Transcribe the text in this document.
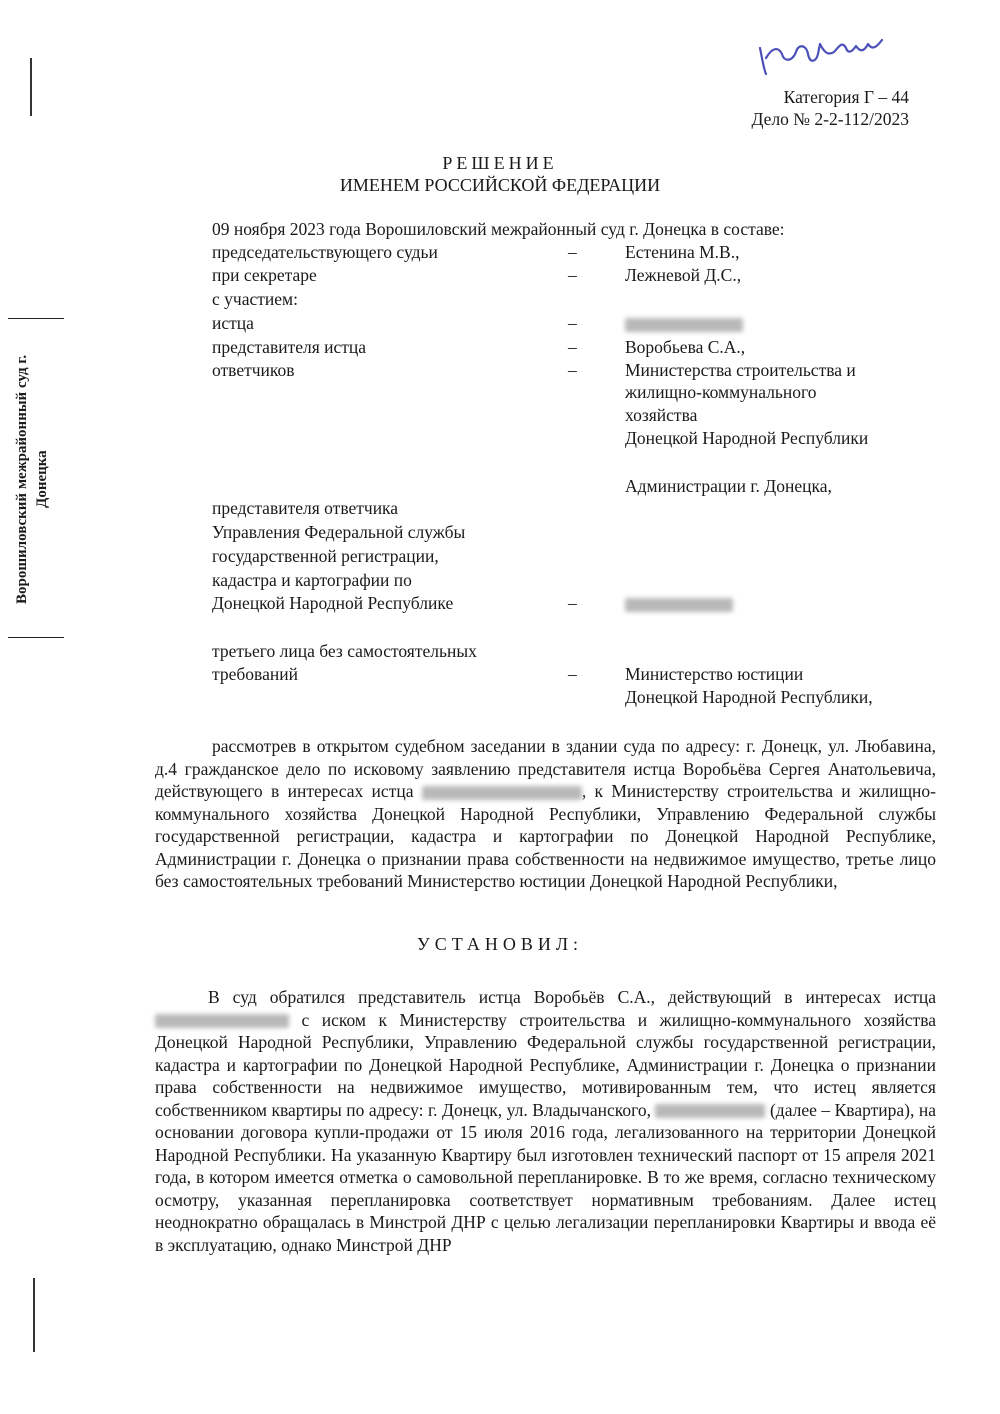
Категория Г – 44
Дело № 2-2-112/2023
РЕШЕНИЕ
ИМЕНЕМ РОССИЙСКОЙ ФЕДЕРАЦИИ
09 ноября 2023 года Ворошиловский межрайонный суд г. Донецка в составе:
председательствующего судьи	–	Естенина М.В.,
при секретаре	–	Лежневой Д.С.,
с участием:
истца	–
представителя истца	–	Воробьева С.А.,
ответчиков	–	Министерства строительства и
жилищно-коммунального
хозяйства
Донецкой Народной Республики
Администрации г. Донецка,
представителя ответчика
Управления Федеральной службы
государственной регистрации,
кадастра и картографии по
Донецкой Народной Республике	–
третьего лица без самостоятельных
требований	–	Министерство юстиции
Донецкой Народной Республики,
рассмотрев в открытом судебном заседании в здании суда по адресу: г. Донецк, ул. Любавина, д.4 гражданское дело по исковому заявлению представителя истца Воробьёва Сергея Анатольевича, действующего в интересах истца	, к Министерству строительства и жилищно-коммунального хозяйства Донецкой Народной Республики, Управлению Федеральной службы государственной регистрации, кадастра и картографии по Донецкой Народной Республике, Администрации г. Донецка о признании права собственности на недвижимое имущество, третье лицо без самостоятельных требований Министерство юстиции Донецкой Народной Республики,
УСТАНОВИЛ:
В суд обратился представитель истца Воробьёв С.А., действующий в интересах истца  с иском к Министерству строительства и жилищно-коммунального хозяйства Донецкой Народной Республики, Управлению Федеральной службы государственной регистрации, кадастра и картографии по Донецкой Народной Республике, Администрации г. Донецка о признании права собственности на недвижимое имущество, мотивированным тем, что истец является собственником квартиры по адресу: г. Донецк, ул. Владычанского,	(далее – Квартира), на основании договора купли-продажи от 15 июля 2016 года, легализованного на территории Донецкой Народной Республики. На указанную Квартиру был изготовлен технический паспорт от 15 апреля 2021 года, в котором имеется отметка о самовольной перепланировке. В то же время, согласно техническому осмотру, указанная перепланировка соответствует нормативным требованиям. Далее истец неоднократно обращалась в Минстрой ДНР с целью легализации перепланировки Квартиры и ввода её в эксплуатацию, однако Минстрой ДНР
Ворошиловский межрайонный суд г. Донецка
